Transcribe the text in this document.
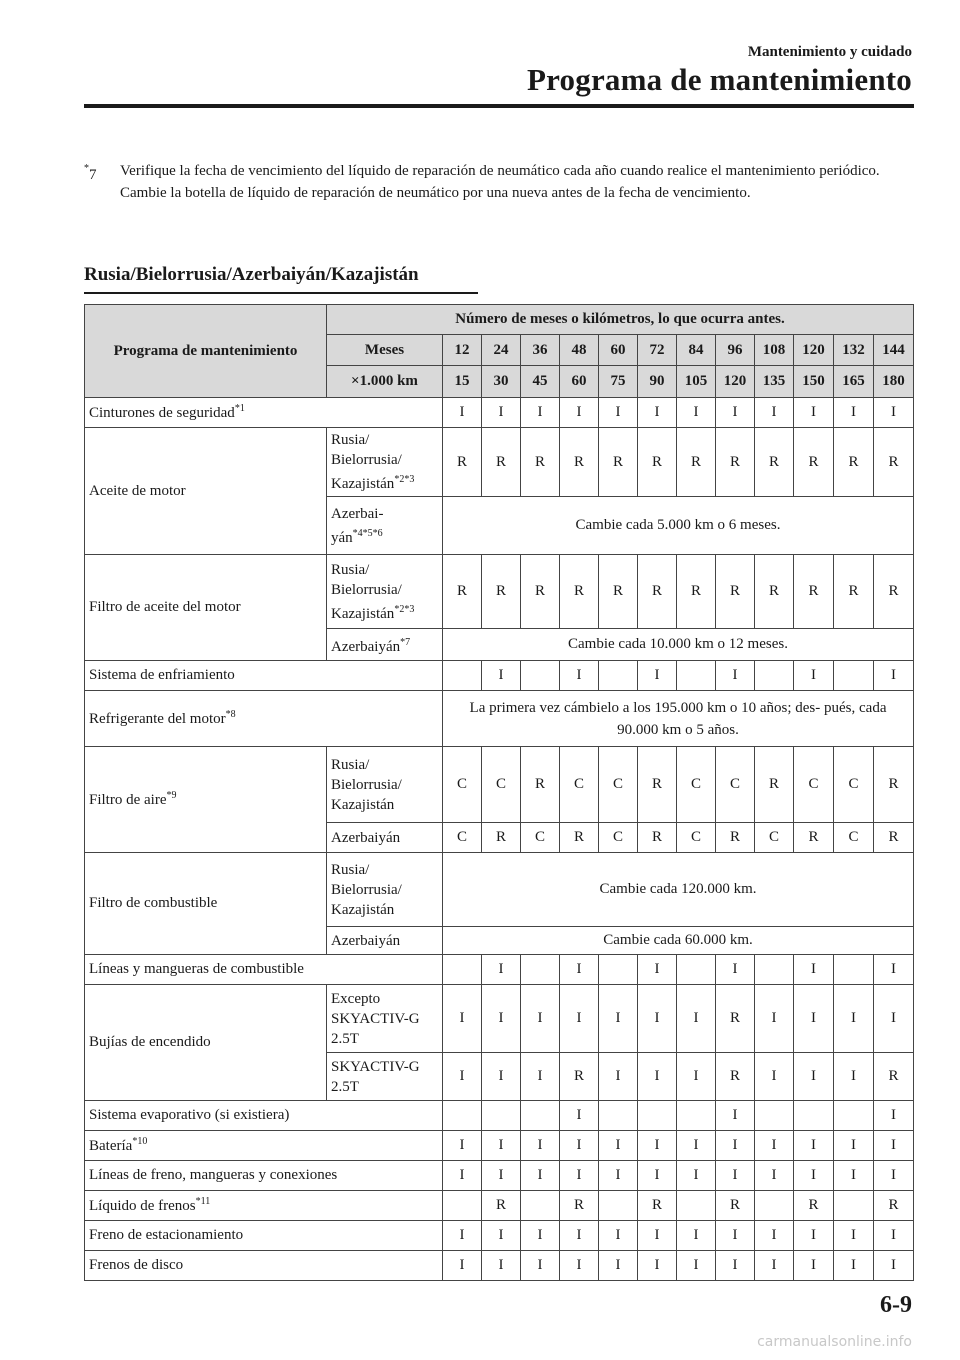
Mantenimiento y cuidado
Programa de mantenimiento
*7	Verifique la fecha de vencimiento del líquido de reparación de neumático cada año cuando realice el mantenimiento periódico. Cambie la botella de líquido de reparación de neumático por una nueva antes de la fecha de vencimiento.
Rusia/Bielorrusia/Azerbaiyán/Kazajistán
Programa de mantenimiento	Número de meses o kilómetros, lo que ocurra antes.												
	Meses	12	24	36	48	60	72	84	96	108	120	132	144
	×1.000 km	15	30	45	60	75	90	105	120	135	150	165	180
Cinturones de seguridad$^{*1}$		I	I	I	I	I	I	I	I	I	I	I	I
Aceite de motor	Rusia/ Bielorrusia/ Kazajistán$^{*2*3}$	R	R	R	R	R	R	R	R	R	R	R	R
	Azerbai- yán$^{*4*5*6}$	Cambie cada 5.000 km o 6 meses.											
Filtro de aceite del motor	Rusia/ Bielorrusia/ Kazajistán$^{*2*3}$	R	R	R	R	R	R	R	R	R	R	R	R
	Azerbaiyán$^{*7}$	Cambie cada 10.000 km o 12 meses.											
Sistema de enfriamiento			I		I		I		I		I		I
Refrigerante del motor$^{*8}$		La primera vez cámbielo a los 195.000 km o 10 años; des- pués, cada 90.000 km o 5 años.											
Filtro de aire$^{*9}$	Rusia/ Bielorrusia/ Kazajistán	C	C	R	C	C	R	C	C	R	C	C	R
	Azerbaiyán	C	R	C	R	C	R	C	R	C	R	C	R
Filtro de combustible	Rusia/ Bielorrusia/ Kazajistán	Cambie cada 120.000 km.											
	Azerbaiyán	Cambie cada 60.000 km.											
Líneas y mangueras de combustible			I		I		I		I		I		I
Bujías de encendido	Excepto SKYACTIV-G 2.5T	I	I	I	I	I	I	I	R	I	I	I	I
	SKYACTIV-G 2.5T	I	I	I	R	I	I	I	R	I	I	I	R
Sistema evaporativo (si existiera)					I				I				I
Batería$^{*10}$		I	I	I	I	I	I	I	I	I	I	I	I
Líneas de freno, mangueras y conexiones		I	I	I	I	I	I	I	I	I	I	I	I
Líquido de frenos$^{*11}$			R		R		R		R		R		R
Freno de estacionamiento		I	I	I	I	I	I	I	I	I	I	I	I
Frenos de disco		I	I	I	I	I	I	I	I	I	I	I	I
6-9
carmanualsonline.info
